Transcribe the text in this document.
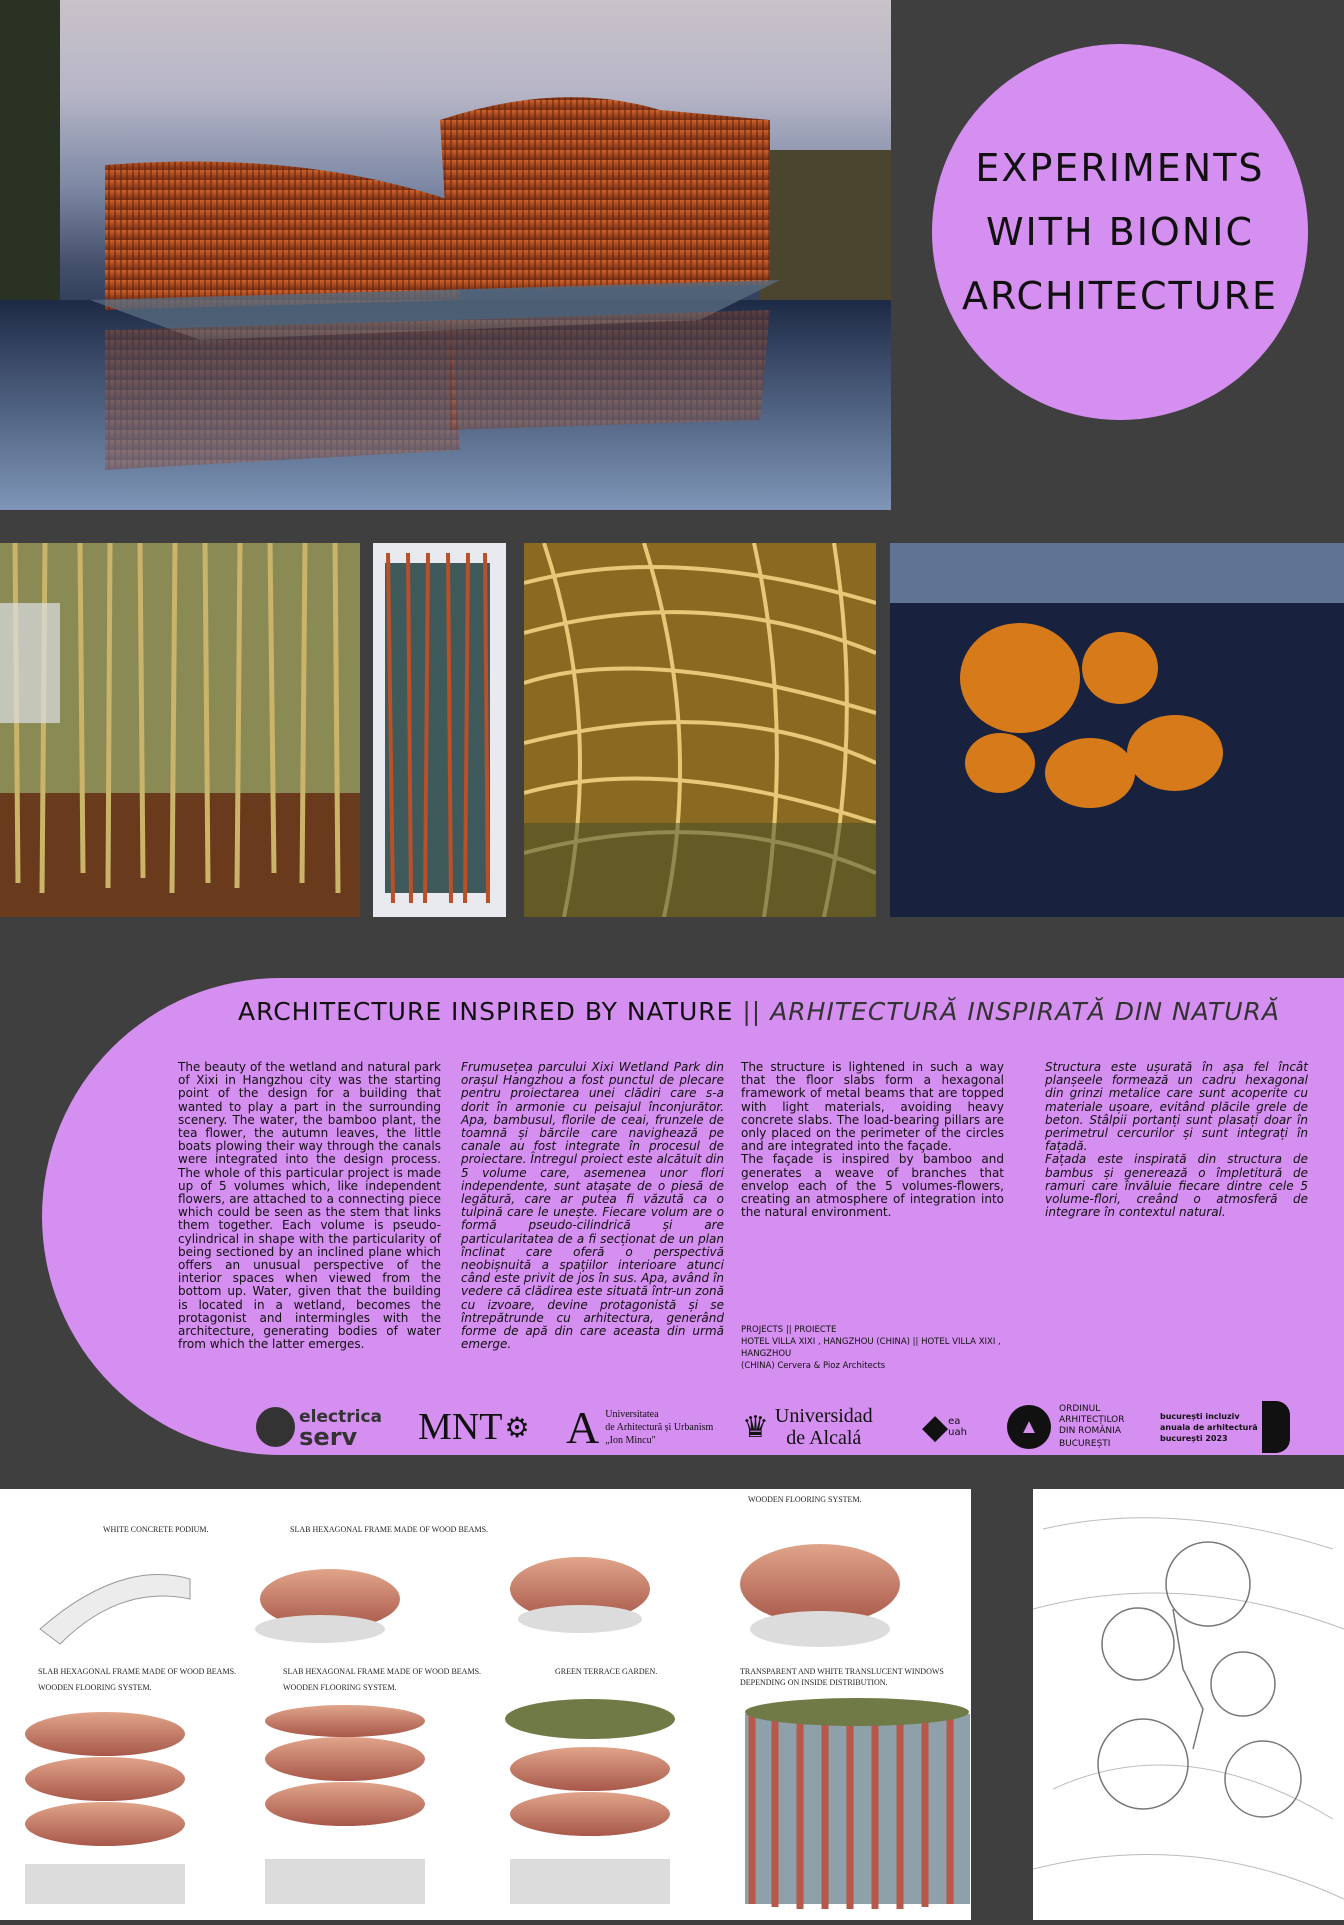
EXPERIMENTS
WITH BIONIC
ARCHITECTURE
ARCHITECTURE INSPIRED BY NATURE || ARHITECTURĂ INSPIRATĂ DIN NATURĂ
The beauty of the wetland and natural park of Xixi in Hangzhou city was the starting point of the design for a building that wanted to play a part in the surrounding scenery. The water, the bamboo plant, the tea flower, the autumn leaves, the little boats plowing their way through the canals were integrated into the design process. The whole of this particular project is made up of 5 volumes which, like independent flowers, are attached to a connecting piece which could be seen as the stem that links them together. Each volume is pseudo-cylindrical in shape with the particularity of being sectioned by an inclined plane which offers an unusual perspective of the interior spaces when viewed from the bottom up. Water, given that the building is located in a wetland, becomes the protagonist and intermingles with the architecture, generating bodies of water from which the latter emerges.
Frumusețea parcului Xixi Wetland Park din orașul Hangzhou a fost punctul de plecare pentru proiectarea unei clădiri care s-a dorit în armonie cu peisajul înconjurător. Apa, bambusul, florile de ceai, frunzele de toamnă și bărcile care navighează pe canale au fost integrate în procesul de proiectare. Întregul proiect este alcătuit din 5 volume care, asemenea unor flori independente, sunt atașate de o piesă de legătură, care ar putea fi văzută ca o tulpină care le unește. Fiecare volum are o formă pseudo-cilindrică și are particularitatea de a fi secționat de un plan înclinat care oferă o perspectivă neobișnuită a spațiilor interioare atunci când este privit de jos în sus. Apa, având în vedere că clădirea este situată într-un zonă cu izvoare, devine protagonistă și se întrepătrunde cu arhitectura, generând forme de apă din care aceasta din urmă emerge.
The structure is lightened in such a way that the floor slabs form a hexagonal framework of metal beams that are topped with light materials, avoiding heavy concrete slabs. The load-bearing pillars are only placed on the perimeter of the circles and are integrated into the façade.
The façade is inspired by bamboo and generates a weave of branches that envelop each of the 5 volumes-flowers, creating an atmosphere of integration into the natural environment.
Structura este ușurată în așa fel încât planșeele formează un cadru hexagonal din grinzi metalice care sunt acoperite cu materiale ușoare, evitând plăcile grele de beton. Stâlpii portanți sunt plasați doar în perimetrul cercurilor și sunt integrați în fațadă.
Fațada este inspirată din structura de bambus și generează o împletitură de ramuri care învăluie fiecare dintre cele 5 volume-flori, creând o atmosferă de integrare în contextul natural.
PROJECTS || PROIECTE
HOTEL VILLA XIXI , HANGZHOU (CHINA) || HOTEL VILLA XIXI , HANGZHOU
(CHINA) Cervera & Pioz Architects
electrica
serv	MNT ⚙ A Universitatea
de Arhitectură și Urbanism
„Ion Mincu"	♛ Universidad
de Alcalá	◆ ea
uah	▲
ORDINUL
ARHITECȚILOR
DIN ROMÂNIA
BUCUREȘTI
bucurești incluziv
anuala de arhitectură
bucurești 2023
WHITE CONCRETE PODIUM.	SLAB HEXAGONAL FRAME MADE OF WOOD BEAMS.
WOODEN FLOORING SYSTEM.
SLAB HEXAGONAL FRAME MADE OF WOOD BEAMS.
WOODEN FLOORING SYSTEM.
SLAB HEXAGONAL FRAME MADE OF WOOD BEAMS.
WOODEN FLOORING SYSTEM.
GREEN TERRACE GARDEN.	TRANSPARENT AND WHITE TRANSLUCENT WINDOWS
DEPENDING ON INSIDE DISTRIBUTION.
